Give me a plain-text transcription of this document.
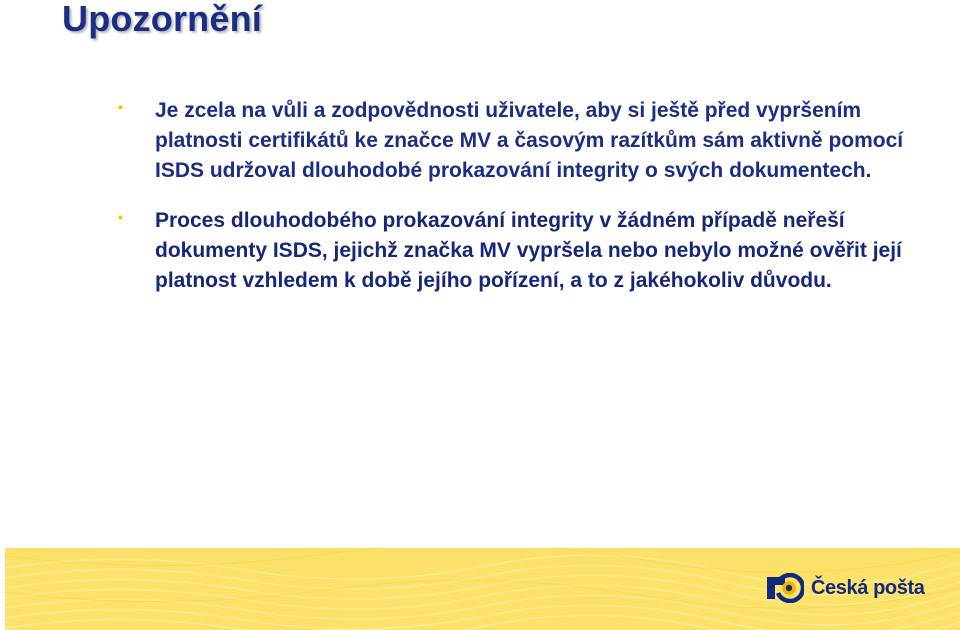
Upozornění
• Je zcela na vůli a zodpovědnosti uživatele, aby si ještě před vypršením platnosti certifikátů ke značce MV a časovým razítkům sám aktivně pomocí ISDS udržoval dlouhodobé prokazování integrity o svých dokumentech.
• Proces dlouhodobého prokazování integrity v žádném případě neřeší dokumenty ISDS, jejichž značka MV vypršela nebo nebylo možné ověřit její platnost vzhledem k době jejího pořízení, a to z jakéhokoliv důvodu.
Česká pošta
